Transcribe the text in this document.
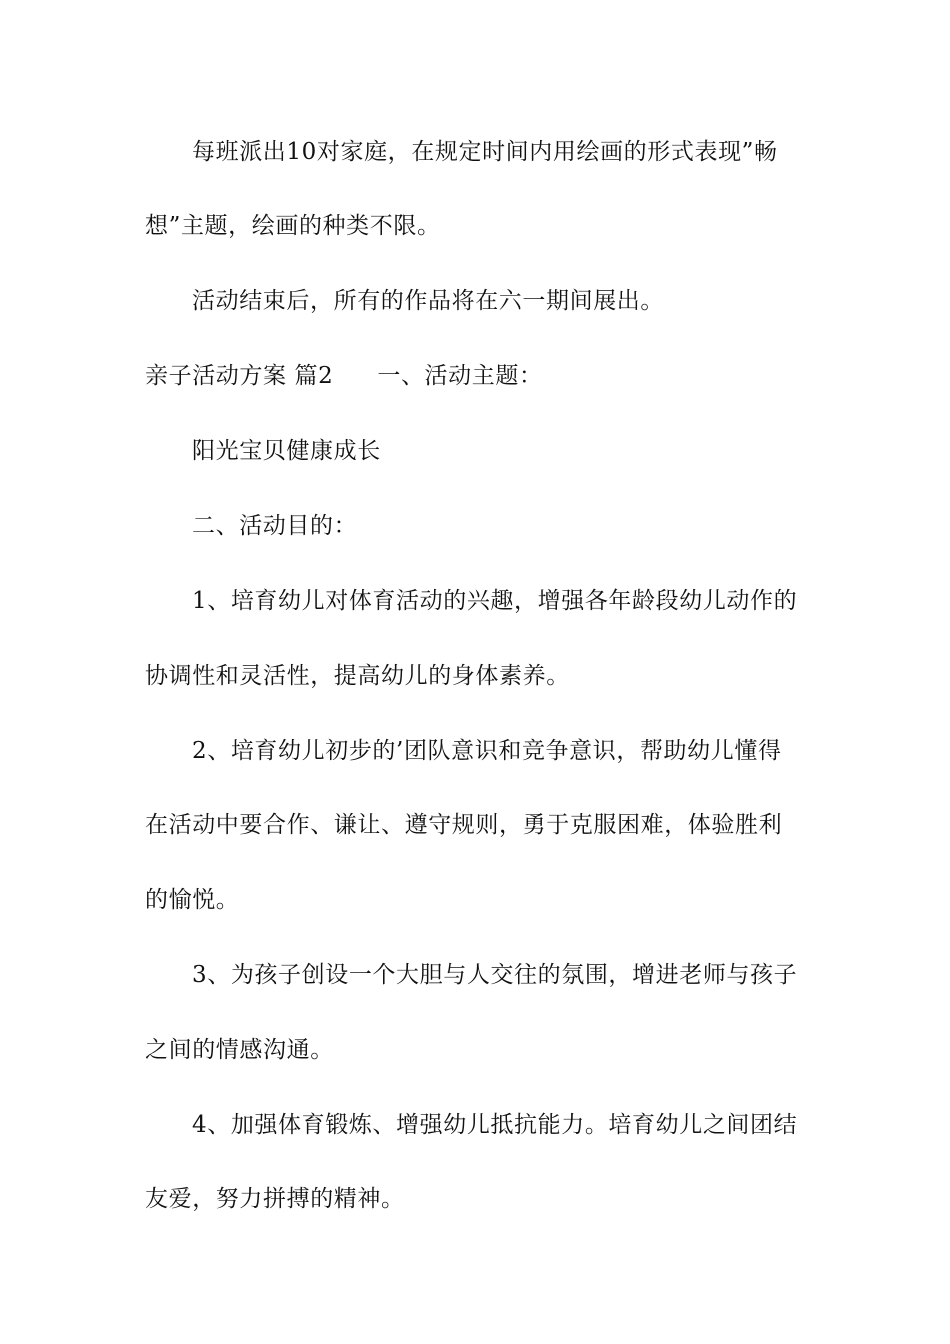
每班派出10对家庭，在规定时间内用绘画的形式表现”畅
想”主题，绘画的种类不限。
活动结束后，所有的作品将在六一期间展出。
亲子活动方案 篇2 一、活动主题：
阳光宝贝健康成长
二、活动目的：
1、培育幼儿对体育活动的兴趣，增强各年龄段幼儿动作的
协调性和灵活性，提高幼儿的身体素养。
2、培育幼儿初步的’团队意识和竞争意识，帮助幼儿懂得
在活动中要合作、谦让、遵守规则，勇于克服困难，体验胜利
的愉悦。
3、为孩子创设一个大胆与人交往的氛围，增进老师与孩子
之间的情感沟通。
4、加强体育锻炼、增强幼儿抵抗能力。培育幼儿之间团结
友爱，努力拼搏的精神。
